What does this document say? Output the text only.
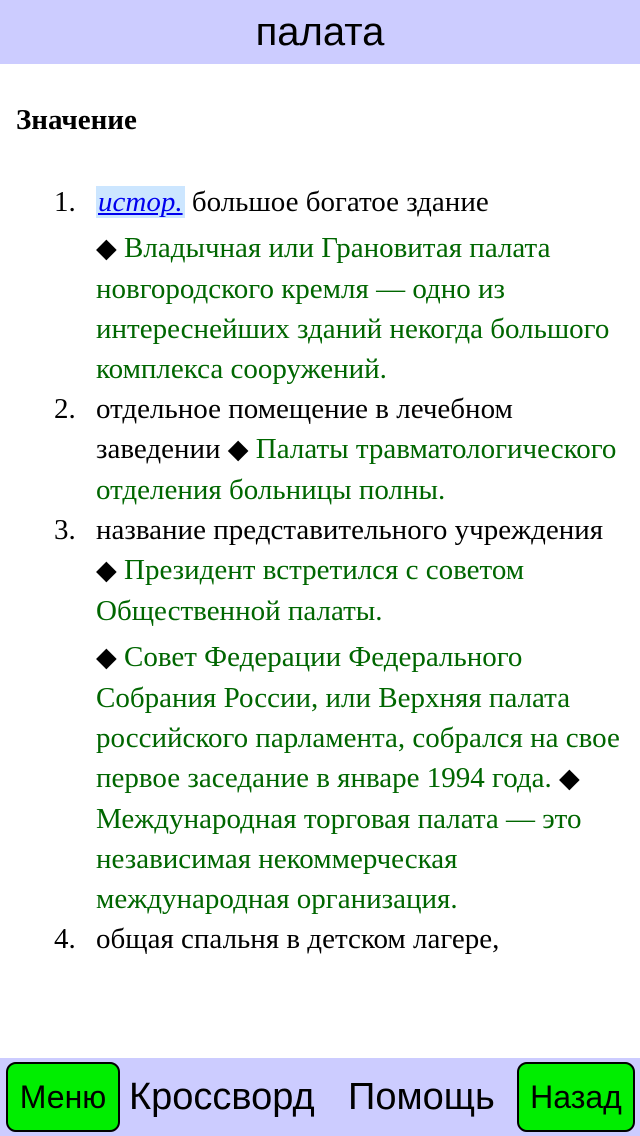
палата
Значение
1. истор. большое богатое здание
◆ Владычная или Грановитая палата новгородского кремля — одно из интереснейших зданий некогда большого комплекса сооружений.
2. отдельное помещение в лечебном заведении ◆ Палаты травматологического отделения больницы полны.
3. название представительного учреждения ◆ Президент встретился с советом Общественной палаты.
◆ Совет Федерации Федерального Собрания России, или Верхняя палата российского парламента, собрался на свое первое заседание в январе 1994 года. ◆ Международная торговая палата — это независимая некоммерческая международная организация.
4. общая спальня в детском лагере,
Меню Кроссворд Помощь	Назад
